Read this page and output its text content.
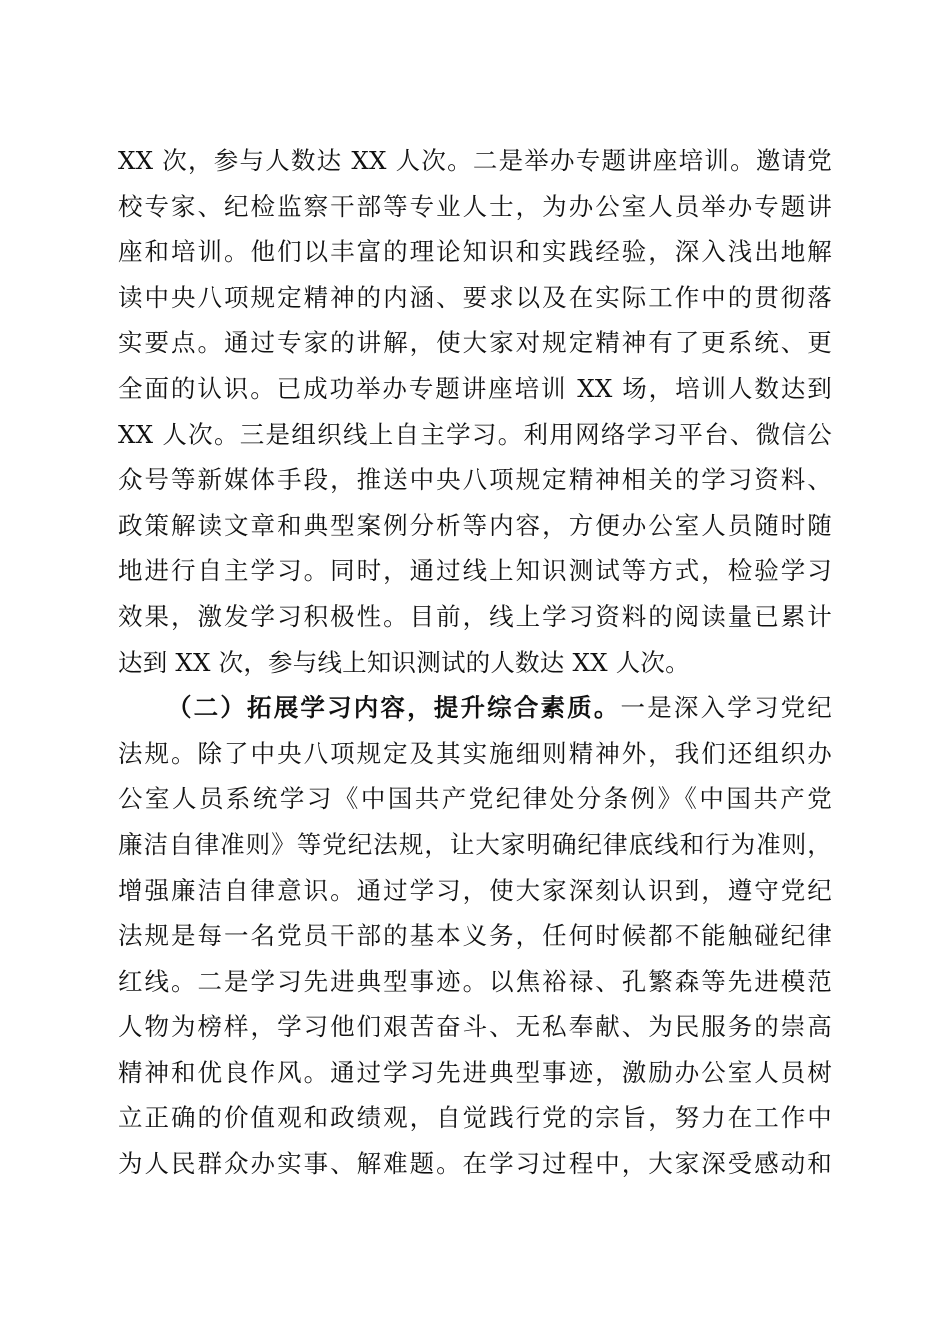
XX 次，参与人数达 XX 人次。二是举办专题讲座培训。邀请党
校专家、纪检监察干部等专业人士，为办公室人员举办专题讲
座和培训。他们以丰富的理论知识和实践经验，深入浅出地解
读中央八项规定精神的内涵、要求以及在实际工作中的贯彻落
实要点。通过专家的讲解，使大家对规定精神有了更系统、更
全面的认识。已成功举办专题讲座培训 XX 场，培训人数达到
XX 人次。三是组织线上自主学习。利用网络学习平台、微信公
众号等新媒体手段，推送中央八项规定精神相关的学习资料、
政策解读文章和典型案例分析等内容，方便办公室人员随时随
地进行自主学习。同时，通过线上知识测试等方式，检验学习
效果，激发学习积极性。目前，线上学习资料的阅读量已累计
达到 XX 次，参与线上知识测试的人数达 XX 人次。
（二）拓展学习内容，提升综合素质。一是深入学习党纪
法规。除了中央八项规定及其实施细则精神外，我们还组织办
公室人员系统学习《中国共产党纪律处分条例》《中国共产党
廉洁自律准则》等党纪法规，让大家明确纪律底线和行为准则，
增强廉洁自律意识。通过学习，使大家深刻认识到，遵守党纪
法规是每一名党员干部的基本义务，任何时候都不能触碰纪律
红线。二是学习先进典型事迹。以焦裕禄、孔繁森等先进模范
人物为榜样，学习他们艰苦奋斗、无私奉献、为民服务的崇高
精神和优良作风。通过学习先进典型事迹，激励办公室人员树
立正确的价值观和政绩观，自觉践行党的宗旨，努力在工作中
为人民群众办实事、解难题。在学习过程中，大家深受感动和
